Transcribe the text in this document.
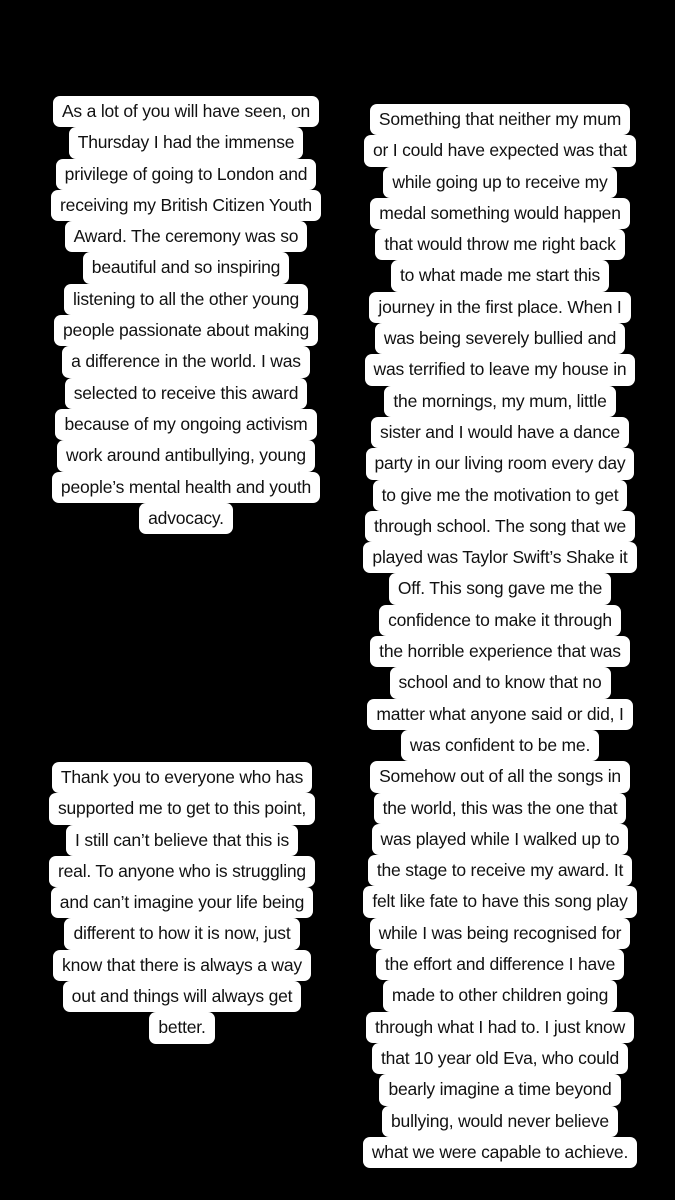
As a lot of you will have seen, on
Thursday I had the immense
privilege of going to London and
receiving my British Citizen Youth
Award. The ceremony was so
beautiful and so inspiring
listening to all the other young
people passionate about making
a difference in the world. I was
selected to receive this award
because of my ongoing activism
work around antibullying, young
people’s mental health and youth
advocacy.
Something that neither my mum
or I could have expected was that
while going up to receive my
medal something would happen
that would throw me right back
to what made me start this
journey in the first place. When I
was being severely bullied and
was terrified to leave my house in
the mornings, my mum, little
sister and I would have a dance
party in our living room every day
to give me the motivation to get
through school. The song that we
played was Taylor Swift’s Shake it
Off. This song gave me the
confidence to make it through
the horrible experience that was
school and to know that no
matter what anyone said or did, I
was confident to be me.
Somehow out of all the songs in
the world, this was the one that
was played while I walked up to
the stage to receive my award. It
felt like fate to have this song play
while I was being recognised for
the effort and difference I have
made to other children going
through what I had to. I just know
that 10 year old Eva, who could
bearly imagine a time beyond
bullying, would never believe
what we were capable to achieve.
Thank you to everyone who has
supported me to get to this point,
I still can’t believe that this is
real. To anyone who is struggling
and can’t imagine your life being
different to how it is now, just
know that there is always a way
out and things will always get
better.
